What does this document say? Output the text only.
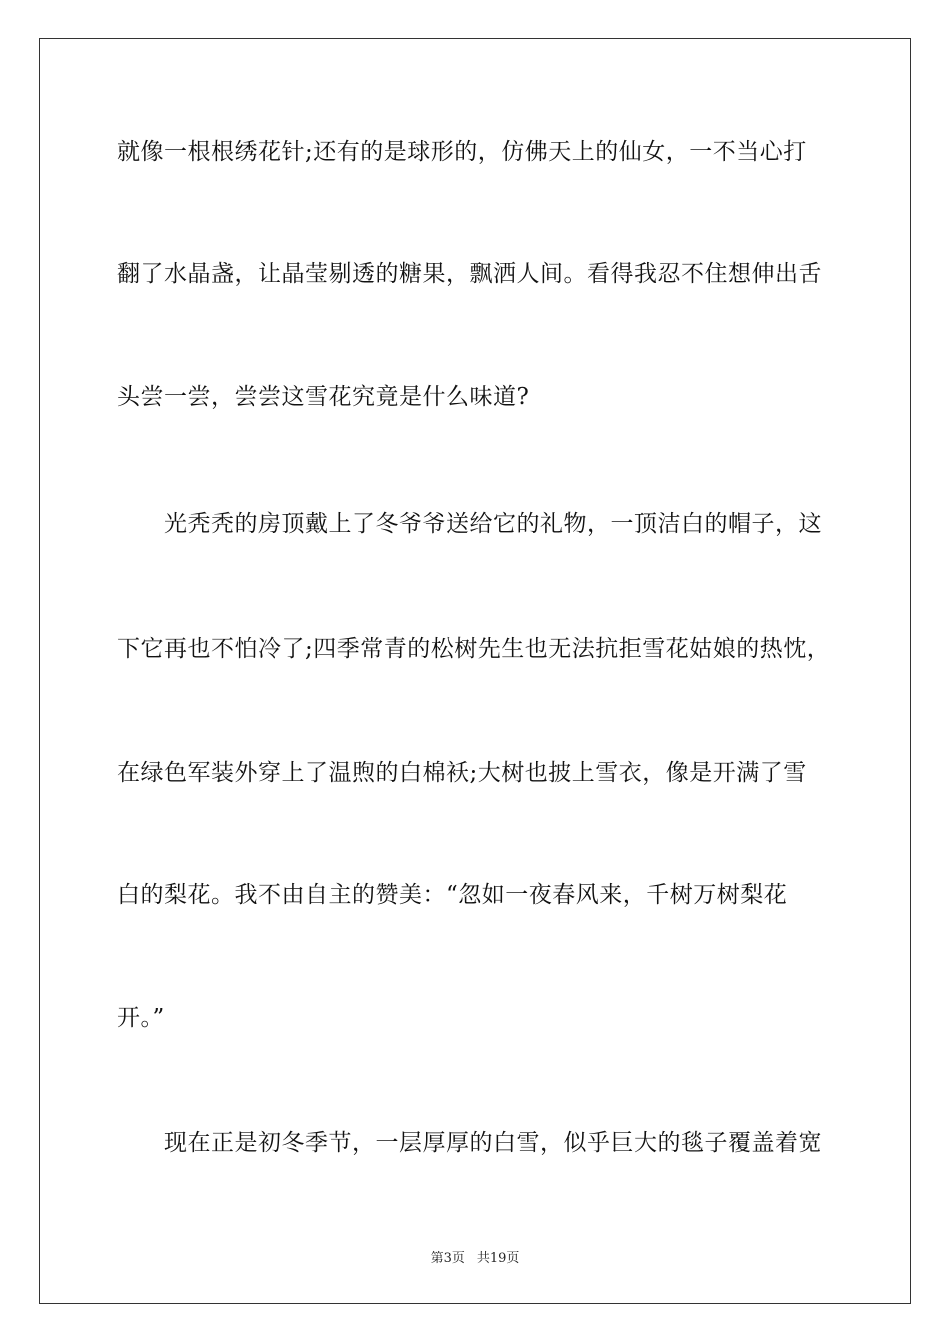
就像一根根绣花针;还有的是球形的，仿佛天上的仙女，一不当心打
翻了水晶盏，让晶莹剔透的糖果，飘洒人间。看得我忍不住想伸出舌
头尝一尝，尝尝这雪花究竟是什么味道?
光秃秃的房顶戴上了冬爷爷送给它的礼物，一顶洁白的帽子，这
下它再也不怕冷了;四季常青的松树先生也无法抗拒雪花姑娘的热忱，
在绿色军装外穿上了温煦的白棉袄;大树也披上雪衣，像是开满了雪
白的梨花。我不由自主的赞美：“忽如一夜春风来，千树万树梨花
开。”
现在正是初冬季节，一层厚厚的白雪，似乎巨大的毯子覆盖着宽
第3页 共19页
